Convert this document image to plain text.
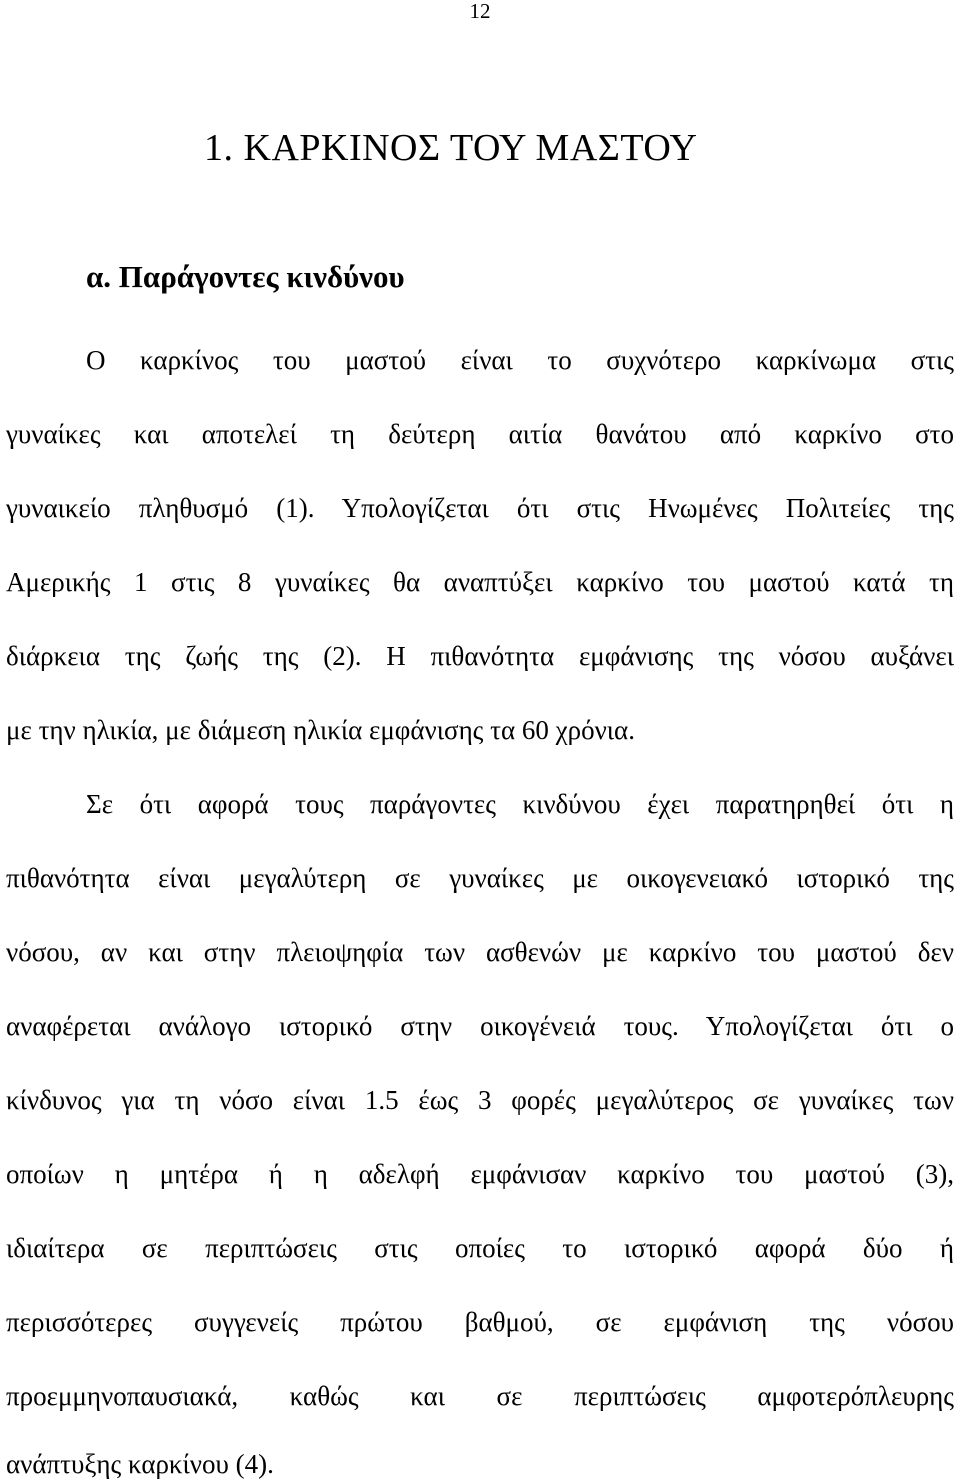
12
1. ΚΑΡΚΙΝΟΣ ΤΟΥ ΜΑΣΤΟΥ
α. Παράγοντες κινδύνου
Ο καρκίνος του μαστού είναι το συχνότερο καρκίνωμα στις
γυναίκες και αποτελεί τη δεύτερη αιτία θανάτου από καρκίνο στο
γυναικείο πληθυσμό (1). Υπολογίζεται ότι στις Ηνωμένες Πολιτείες της
Αμερικής 1 στις 8 γυναίκες θα αναπτύξει καρκίνο του μαστού κατά τη
διάρκεια της ζωής της (2). Η πιθανότητα εμφάνισης της νόσου αυξάνει
με την ηλικία, με διάμεση ηλικία εμφάνισης τα 60 χρόνια.
Σε ότι αφορά τους παράγοντες κινδύνου έχει παρατηρηθεί ότι η
πιθανότητα είναι μεγαλύτερη σε γυναίκες με οικογενειακό ιστορικό της
νόσου, αν και στην πλειοψηφία των ασθενών με καρκίνο του μαστού δεν
αναφέρεται ανάλογο ιστορικό στην οικογένειά τους. Υπολογίζεται ότι ο
κίνδυνος για τη νόσο είναι 1.5 έως 3 φορές μεγαλύτερος σε γυναίκες των
οποίων η μητέρα ή η αδελφή εμφάνισαν καρκίνο του μαστού (3),
ιδιαίτερα σε περιπτώσεις στις οποίες το ιστορικό αφορά δύο ή
περισσότερες συγγενείς πρώτου βαθμού, σε εμφάνιση της νόσου
προεμμηνοπαυσιακά, καθώς και σε περιπτώσεις αμφοτερόπλευρης
ανάπτυξης καρκίνου (4).
